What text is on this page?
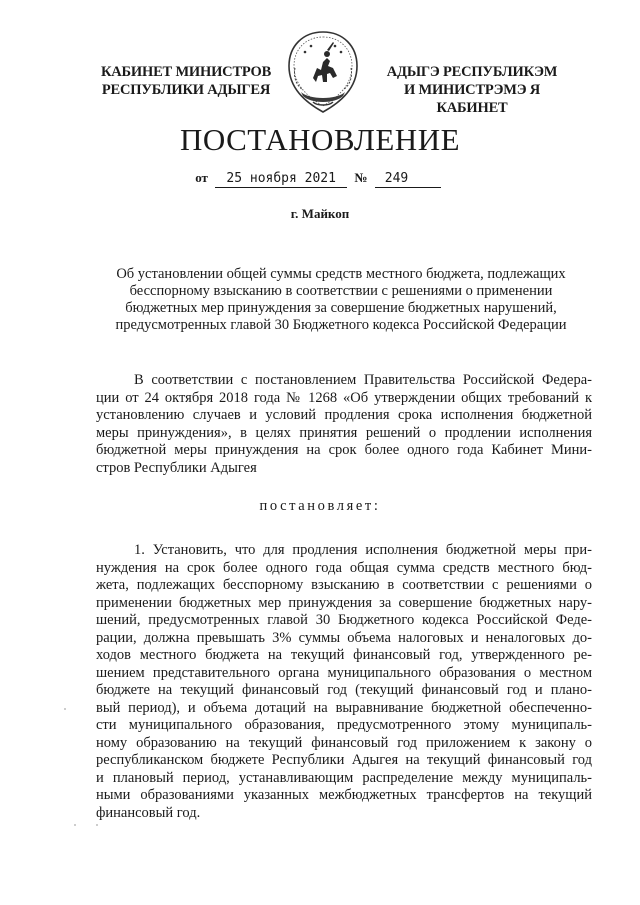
КАБИНЕТ МИНИСТРОВ
РЕСПУБЛИКИ АДЫГЕЯ
АДЫГЭ РЕСПУБЛИКЭМ
И МИНИСТРЭМЭ Я КАБИНЕТ
ПОСТАНОВЛЕНИЕ
от 25 ноября 2021 № 249
г. Майкоп
Об установлении общей суммы средств местного бюджета, подлежащих
бесспорному взысканию в соответствии с решениями о применении
бюджетных мер принуждения за совершение бюджетных нарушений,
предусмотренных главой 30 Бюджетного кодекса Российской Федерации
В соответствии с постановлением Правительства Российской Федера-
ции от 24 октября 2018 года № 1268 «Об утверждении общих требований к
установлению случаев и условий продления срока исполнения бюджетной
меры принуждения», в целях принятия решений о продлении исполнения
бюджетной меры принуждения на срок более одного года Кабинет Мини-
стров Республики Адыгея
постановляет:
1. Установить, что для продления исполнения бюджетной меры при-
нуждения на срок более одного года общая сумма средств местного бюд-
жета, подлежащих бесспорному взысканию в соответствии с решениями о
применении бюджетных мер принуждения за совершение бюджетных нару-
шений, предусмотренных главой 30 Бюджетного кодекса Российской Феде-
рации, должна превышать 3% суммы объема налоговых и неналоговых до-
ходов местного бюджета на текущий финансовый год, утвержденного ре-
шением представительного органа муниципального образования о местном
бюджете на текущий финансовый год (текущий финансовый год и плано-
вый период), и объема дотаций на выравнивание бюджетной обеспеченно-
сти муниципального образования, предусмотренного этому муниципаль-
ному образованию на текущий финансовый год приложением к закону о
республиканском бюджете Республики Адыгея на текущий финансовый год
и плановый период, устанавливающим распределение между муниципаль-
ными образованиями указанных межбюджетных трансфертов на текущий
финансовый год.
